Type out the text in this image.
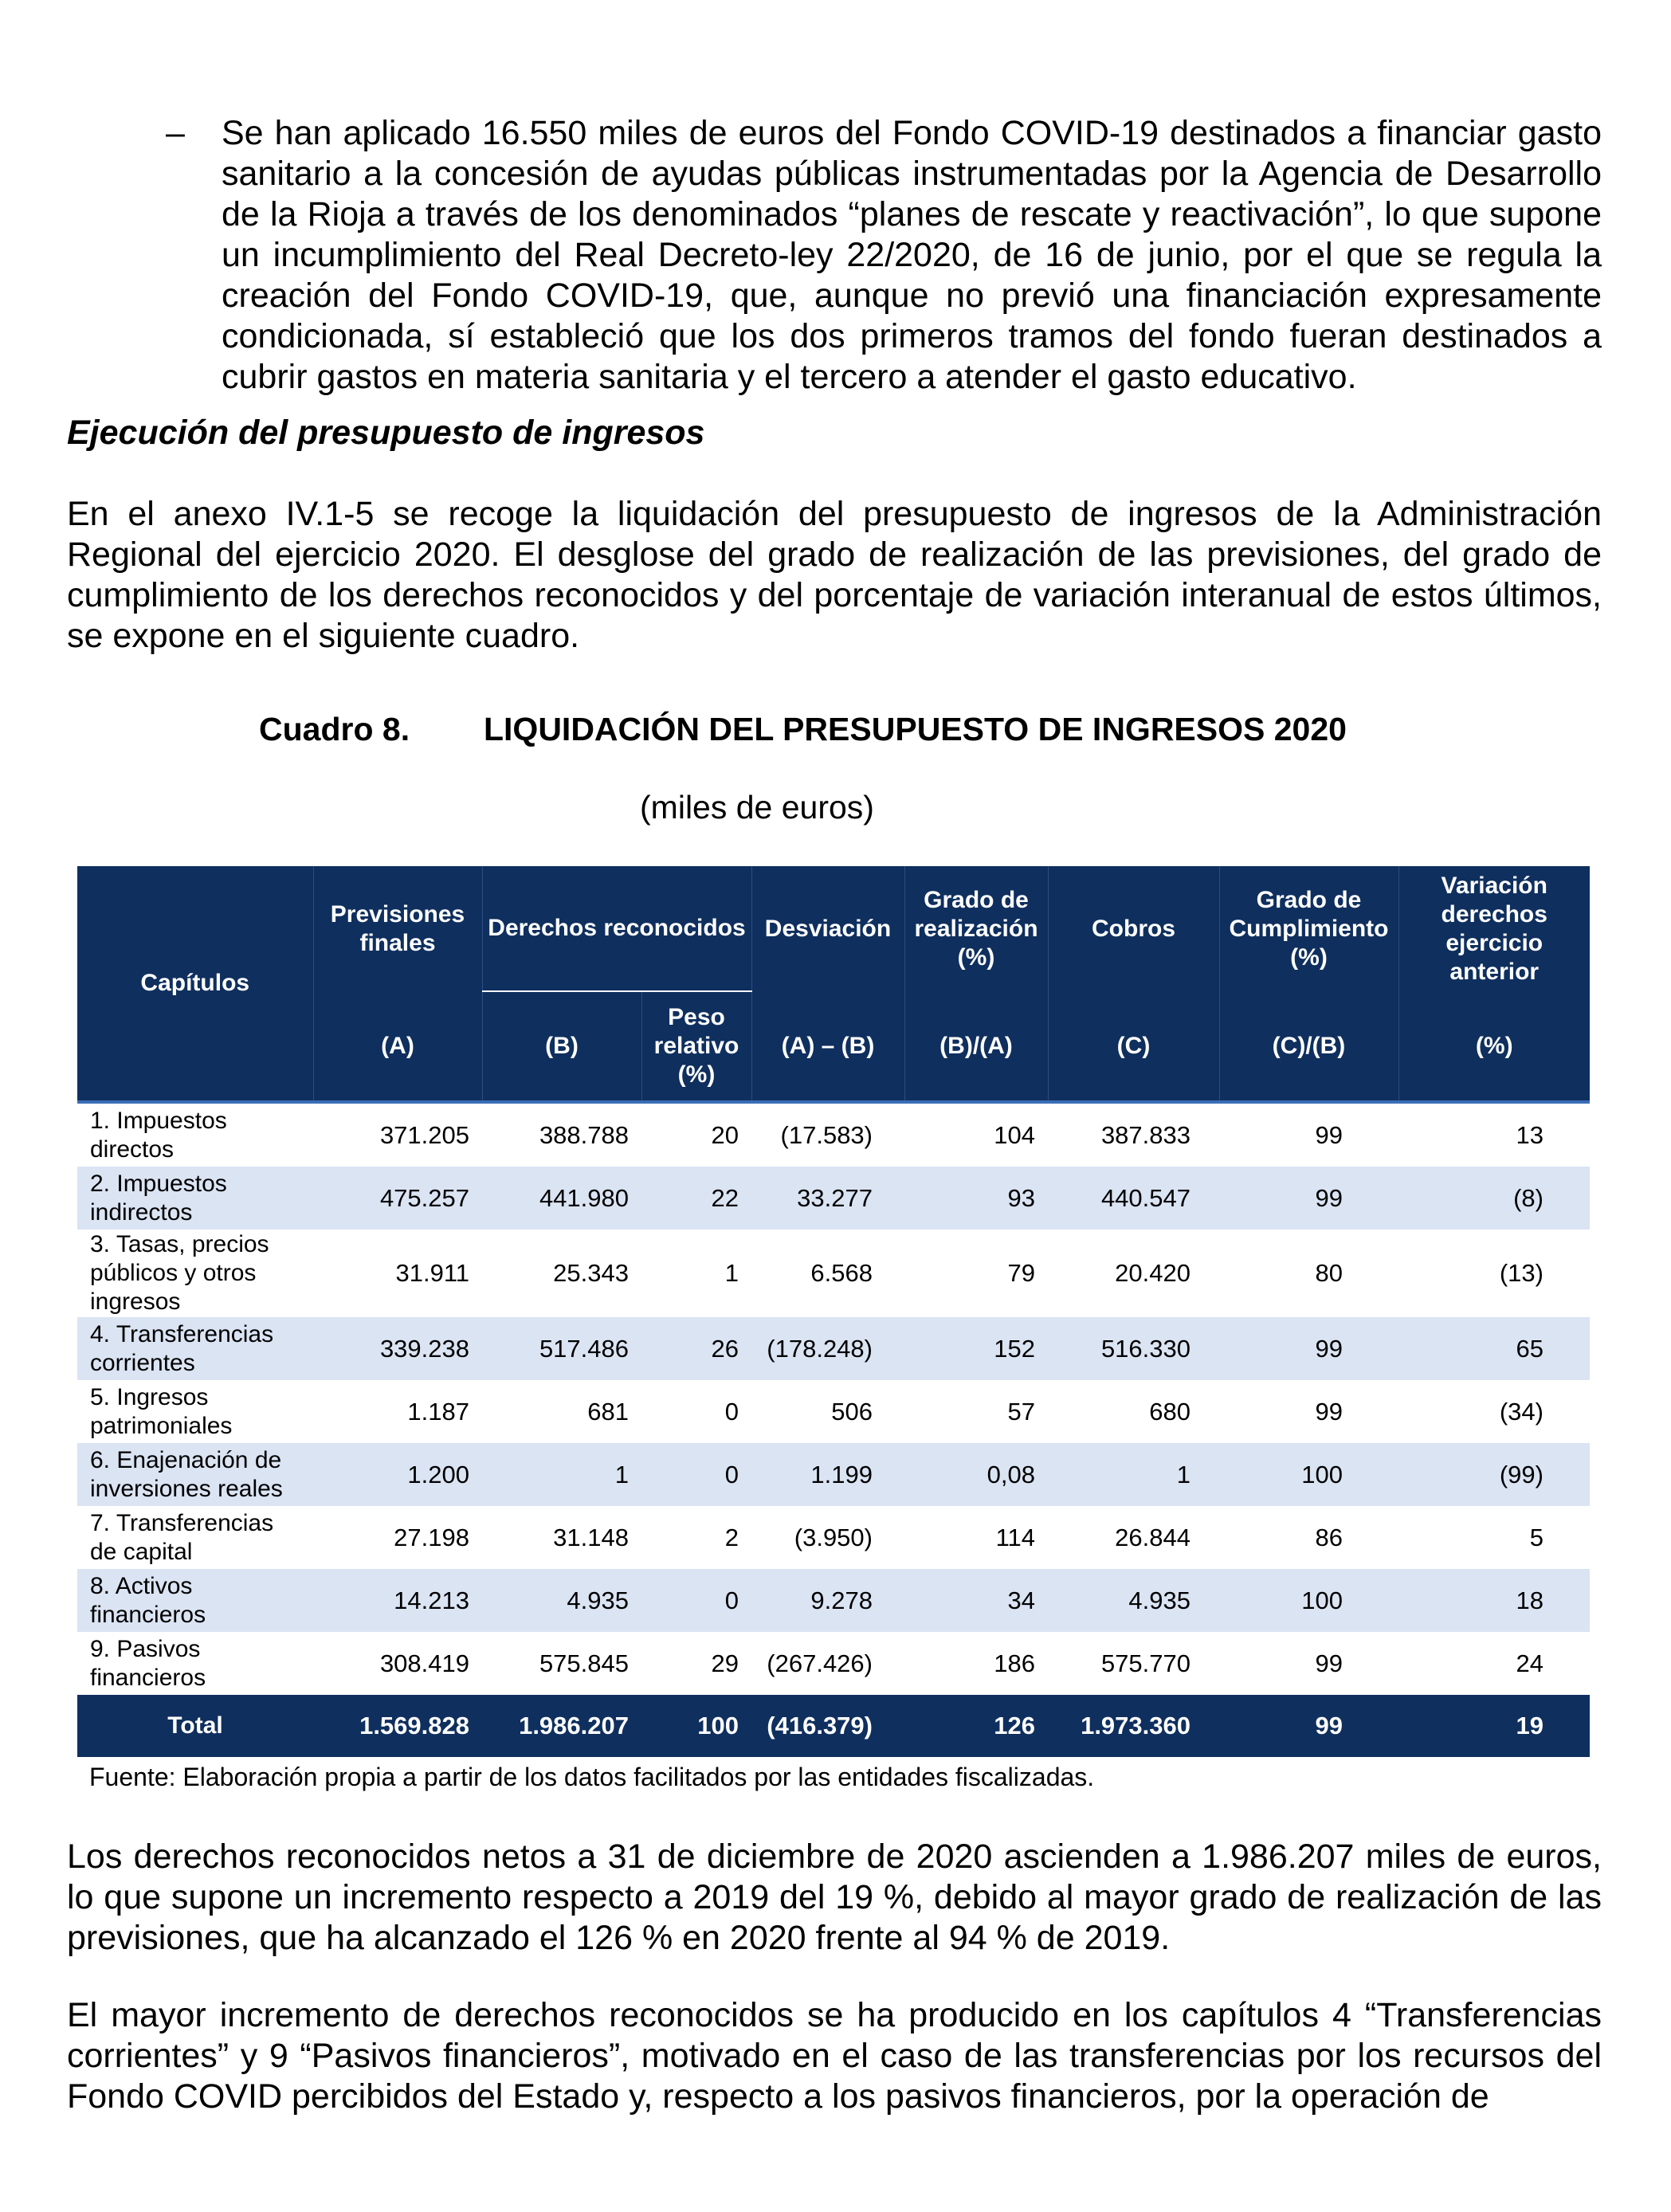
– Se han aplicado 16.550 miles de euros del Fondo COVID-19 destinados a financiar gasto sanitario a la concesión de ayudas públicas instrumentadas por la Agencia de Desarrollo de la Rioja a través de los denominados “planes de rescate y reactivación”, lo que supone un incumplimiento del Real Decreto-ley 22/2020, de 16 de junio, por el que se regula la creación del Fondo COVID-19, que, aunque no previó una financiación expresamente condicionada, sí estableció que los dos primeros tramos del fondo fueran destinados a cubrir gastos en materia sanitaria y el tercero a atender el gasto educativo.

Ejecución del presupuesto de ingresos

En el anexo IV.1-5 se recoge la liquidación del presupuesto de ingresos de la Administración Regional del ejercicio 2020. El desglose del grado de realización de las previsiones, del grado de cumplimiento de los derechos reconocidos y del porcentaje de variación interanual de estos últimos, se expone en el siguiente cuadro.

Cuadro 8. LIQUIDACIÓN DEL PRESUPUESTO DE INGRESOS 2020
(miles de euros)
Capítulos	Previsiones finales	Derechos reconocidos		Desviación	Grado de realización (%)	Cobros	Grado de Cumplimiento (%)	Variación derechos ejercicio anterior
	(A)	(B)	Peso relativo (%)	(A) – (B)	(B)/(A)	(C)	(C)/(B)	(%)
1. Impuestos directos	371.205	388.788	20	(17.583)	104	387.833	99	13
2. Impuestos indirectos	475.257	441.980	22	33.277	93	440.547	99	(8)
3. Tasas, precios públicos y otros ingresos	31.911	25.343	1	6.568	79	20.420	80	(13)
4. Transferencias corrientes	339.238	517.486	26	(178.248)	152	516.330	99	65
5. Ingresos patrimoniales	1.187	681	0	506	57	680	99	(34)
6. Enajenación de inversiones reales	1.200	1	0	1.199	0,08	1	100	(99)
7. Transferencias de capital	27.198	31.148	2	(3.950)	114	26.844	86	5
8. Activos financieros	14.213	4.935	0	9.278	34	4.935	100	18
9. Pasivos financieros	308.419	575.845	29	(267.426)	186	575.770	99	24
Total	1.569.828	1.986.207	100	(416.379)	126	1.973.360	99	19
Fuente: Elaboración propia a partir de los datos facilitados por las entidades fiscalizadas.

Los derechos reconocidos netos a 31 de diciembre de 2020 ascienden a 1.986.207 miles de euros, lo que supone un incremento respecto a 2019 del 19 %, debido al mayor grado de realización de las previsiones, que ha alcanzado el 126 % en 2020 frente al 94 % de 2019.

El mayor incremento de derechos reconocidos se ha producido en los capítulos 4 “Transferencias corrientes” y 9 “Pasivos financieros”, motivado en el caso de las transferencias por los recursos del Fondo COVID percibidos del Estado y, respecto a los pasivos financieros, por la operación de
